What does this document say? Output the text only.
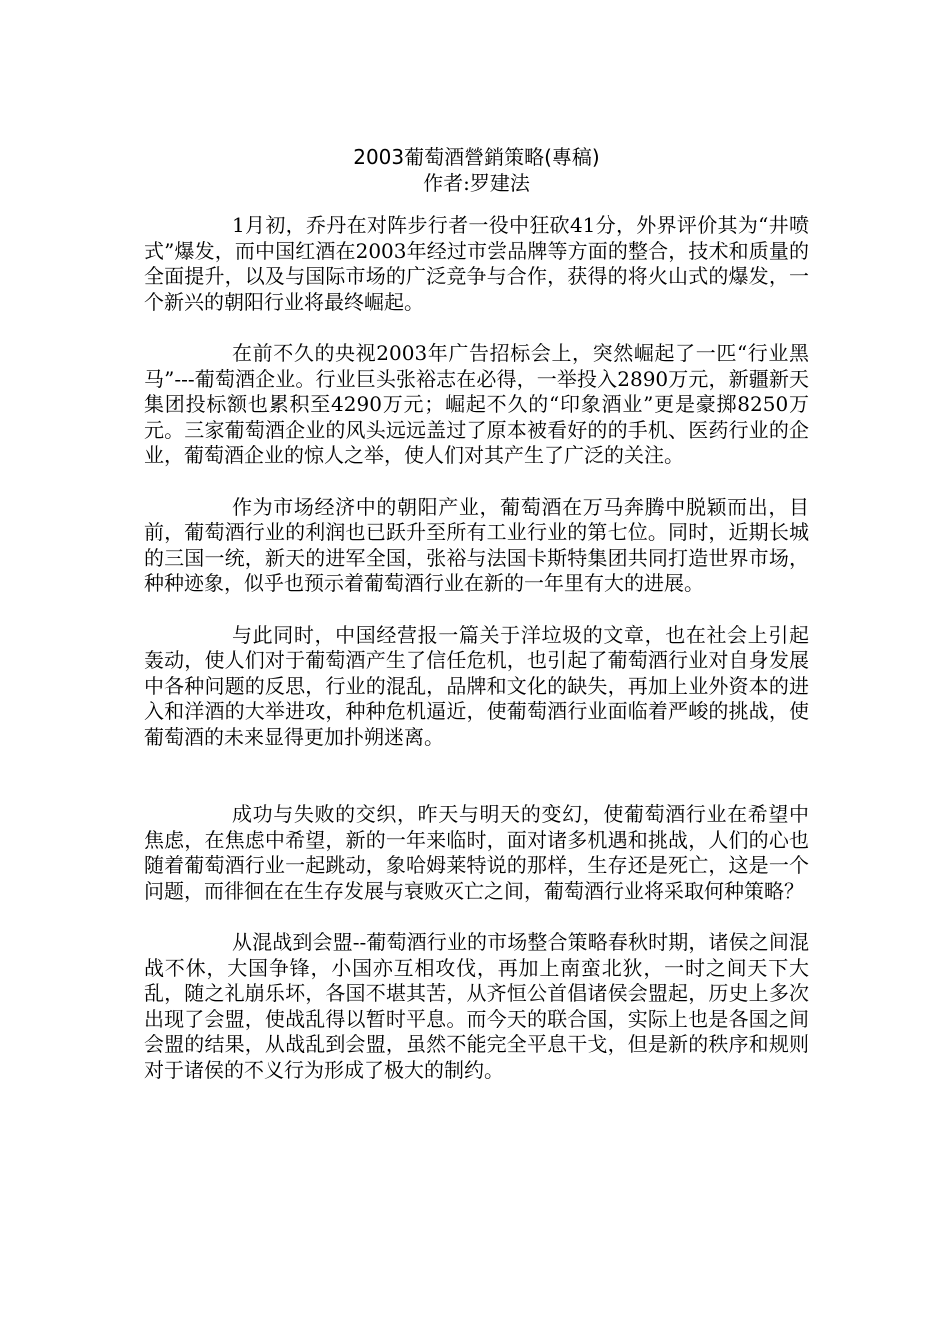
2003葡萄酒營銷策略(專稿)
作者:罗建法

1月初，乔丹在对阵步行者一役中狂砍41分，外界评价其为“井喷式”爆发，而中国红酒在2003年经过市尝品牌等方面的整合，技术和质量的全面提升，以及与国际市场的广泛竞争与合作，获得的将火山式的爆发，一个新兴的朝阳行业将最终崛起。

在前不久的央视2003年广告招标会上，突然崛起了一匹“行业黑马”---葡萄酒企业。行业巨头张裕志在必得，一举投入2890万元，新疆新天集团投标额也累积至4290万元；崛起不久的“印象酒业”更是豪掷8250万元。三家葡萄酒企业的风头远远盖过了原本被看好的的手机、医药行业的企业，葡萄酒企业的惊人之举，使人们对其产生了广泛的关注。

作为市场经济中的朝阳产业，葡萄酒在万马奔腾中脱颖而出，目前，葡萄酒行业的利润也已跃升至所有工业行业的第七位。同时，近期长城的三国一统，新天的进军全国，张裕与法国卡斯特集团共同打造世界市场，种种迹象，似乎也预示着葡萄酒行业在新的一年里有大的进展。

与此同时，中国经营报一篇关于洋垃圾的文章，也在社会上引起轰动，使人们对于葡萄酒产生了信任危机，也引起了葡萄酒行业对自身发展中各种问题的反思，行业的混乱，品牌和文化的缺失，再加上业外资本的进入和洋酒的大举进攻，种种危机逼近，使葡萄酒行业面临着严峻的挑战，使葡萄酒的未来显得更加扑朔迷离。

成功与失败的交织，昨天与明天的变幻，使葡萄酒行业在希望中焦虑，在焦虑中希望，新的一年来临时，面对诸多机遇和挑战，人们的心也随着葡萄酒行业一起跳动，象哈姆莱特说的那样，生存还是死亡，这是一个问题，而徘徊在在生存发展与衰败灭亡之间，葡萄酒行业将采取何种策略？

从混战到会盟--葡萄酒行业的市场整合策略春秋时期，诸侯之间混战不休，大国争锋，小国亦互相攻伐，再加上南蛮北狄，一时之间天下大乱，随之礼崩乐坏，各国不堪其苦，从齐恒公首倡诸侯会盟起，历史上多次出现了会盟，使战乱得以暂时平息。而今天的联合国，实际上也是各国之间会盟的结果，从战乱到会盟，虽然不能完全平息干戈，但是新的秩序和规则对于诸侯的不义行为形成了极大的制约。
